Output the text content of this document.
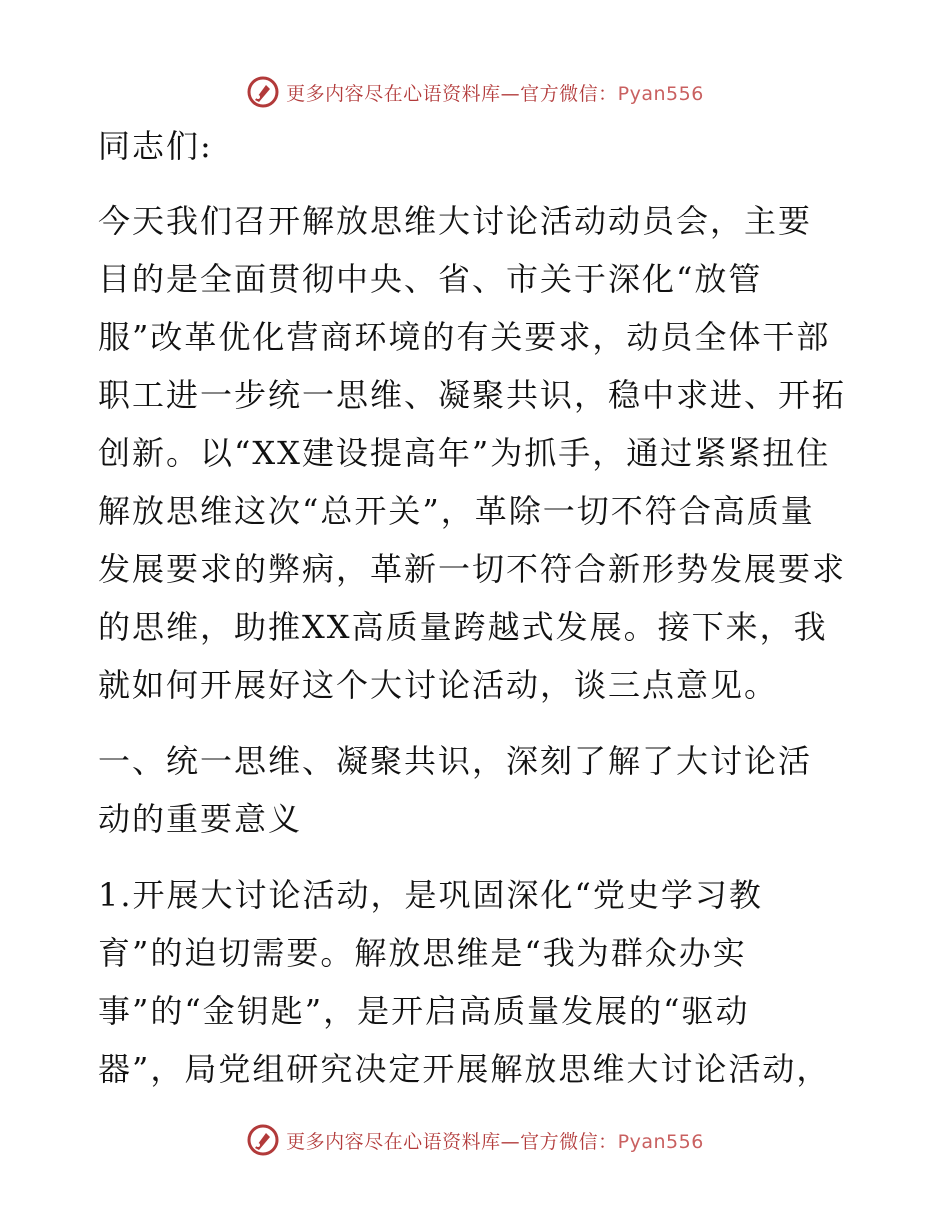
更多内容尽在心语资料库—官方微信：Pyan556
同志们:
今天我们召开解放思维大讨论活动动员会，主要
目的是全面贯彻中央、省、市关于深化“放管
服”改革优化营商环境的有关要求，动员全体干部
职工进一步统一思维、凝聚共识，稳中求进、开拓
创新。以“XX建设提高年”为抓手，通过紧紧扭住
解放思维这次“总开关”，革除一切不符合高质量
发展要求的弊病，革新一切不符合新形势发展要求
的思维，助推XX高质量跨越式发展。接下来，我
就如何开展好这个大讨论活动，谈三点意见。
一、统一思维、凝聚共识，深刻了解了大讨论活
动的重要意义
1.开展大讨论活动，是巩固深化“党史学习教
育”的迫切需要。解放思维是“我为群众办实
事”的“金钥匙”，是开启高质量发展的“驱动
器”，局党组研究决定开展解放思维大讨论活动，
更多内容尽在心语资料库—官方微信：Pyan556
